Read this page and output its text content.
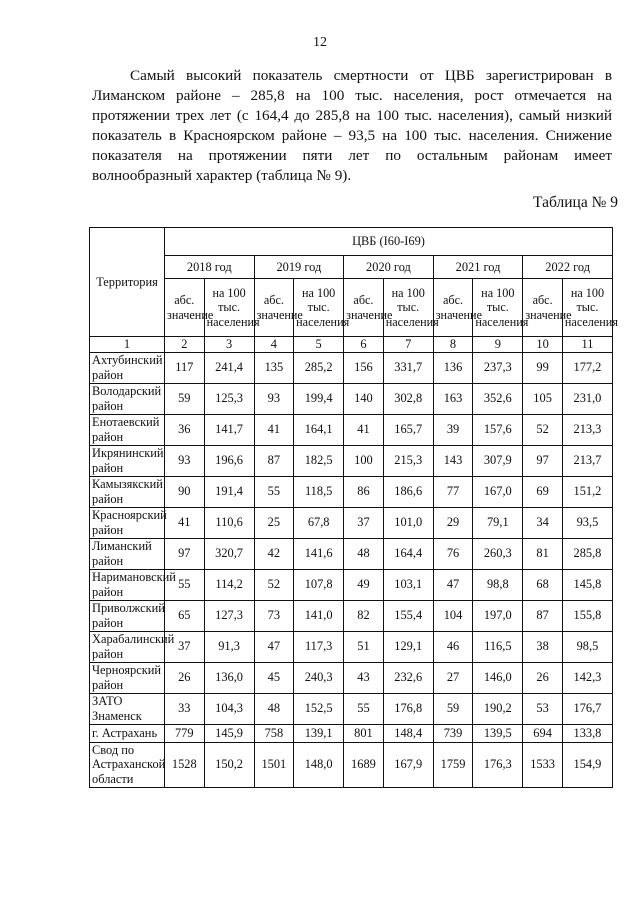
12

Самый высокий показатель смертности от ЦВБ зарегистрирован в Лиманском районе – 285,8 на 100 тыс. населения, рост отмечается на протяжении трех лет (с 164,4 до 285,8 на 100 тыс. населения), самый низкий показатель в Красноярском районе – 93,5 на 100 тыс. населения. Снижение показателя на протяжении пяти лет по остальным районам имеет волнообразный характер (таблица № 9).

Таблица № 9
Территория	ЦВБ (I60-I69)									
	2018 год		2019 год		2020 год		2021 год		2022 год	
	абс. значение	на 100 тыс. населения	абс. значение	на 100 тыс. населения	абс. значение	на 100 тыс. населения	абс. значение	на 100 тыс. населения	абс. значение	на 100 тыс. населения
1	2	3	4	5	6	7	8	9	10	11
Ахтубинский район	117	241,4	135	285,2	156	331,7	136	237,3	99	177,2
Володарский район	59	125,3	93	199,4	140	302,8	163	352,6	105	231,0
Енотаевский район	36	141,7	41	164,1	41	165,7	39	157,6	52	213,3
Икрянинский район	93	196,6	87	182,5	100	215,3	143	307,9	97	213,7
Камызякский район	90	191,4	55	118,5	86	186,6	77	167,0	69	151,2
Красноярский район	41	110,6	25	67,8	37	101,0	29	79,1	34	93,5
Лиманский район	97	320,7	42	141,6	48	164,4	76	260,3	81	285,8
Наримановский район	55	114,2	52	107,8	49	103,1	47	98,8	68	145,8
Приволжский район	65	127,3	73	141,0	82	155,4	104	197,0	87	155,8
Харабалинский район	37	91,3	47	117,3	51	129,1	46	116,5	38	98,5
Черноярский район	26	136,0	45	240,3	43	232,6	27	146,0	26	142,3
ЗАТО Знаменск	33	104,3	48	152,5	55	176,8	59	190,2	53	176,7
г. Астрахань	779	145,9	758	139,1	801	148,4	739	139,5	694	133,8
Свод по Астраханской области	1528	150,2	1501	148,0	1689	167,9	1759	176,3	1533	154,9
